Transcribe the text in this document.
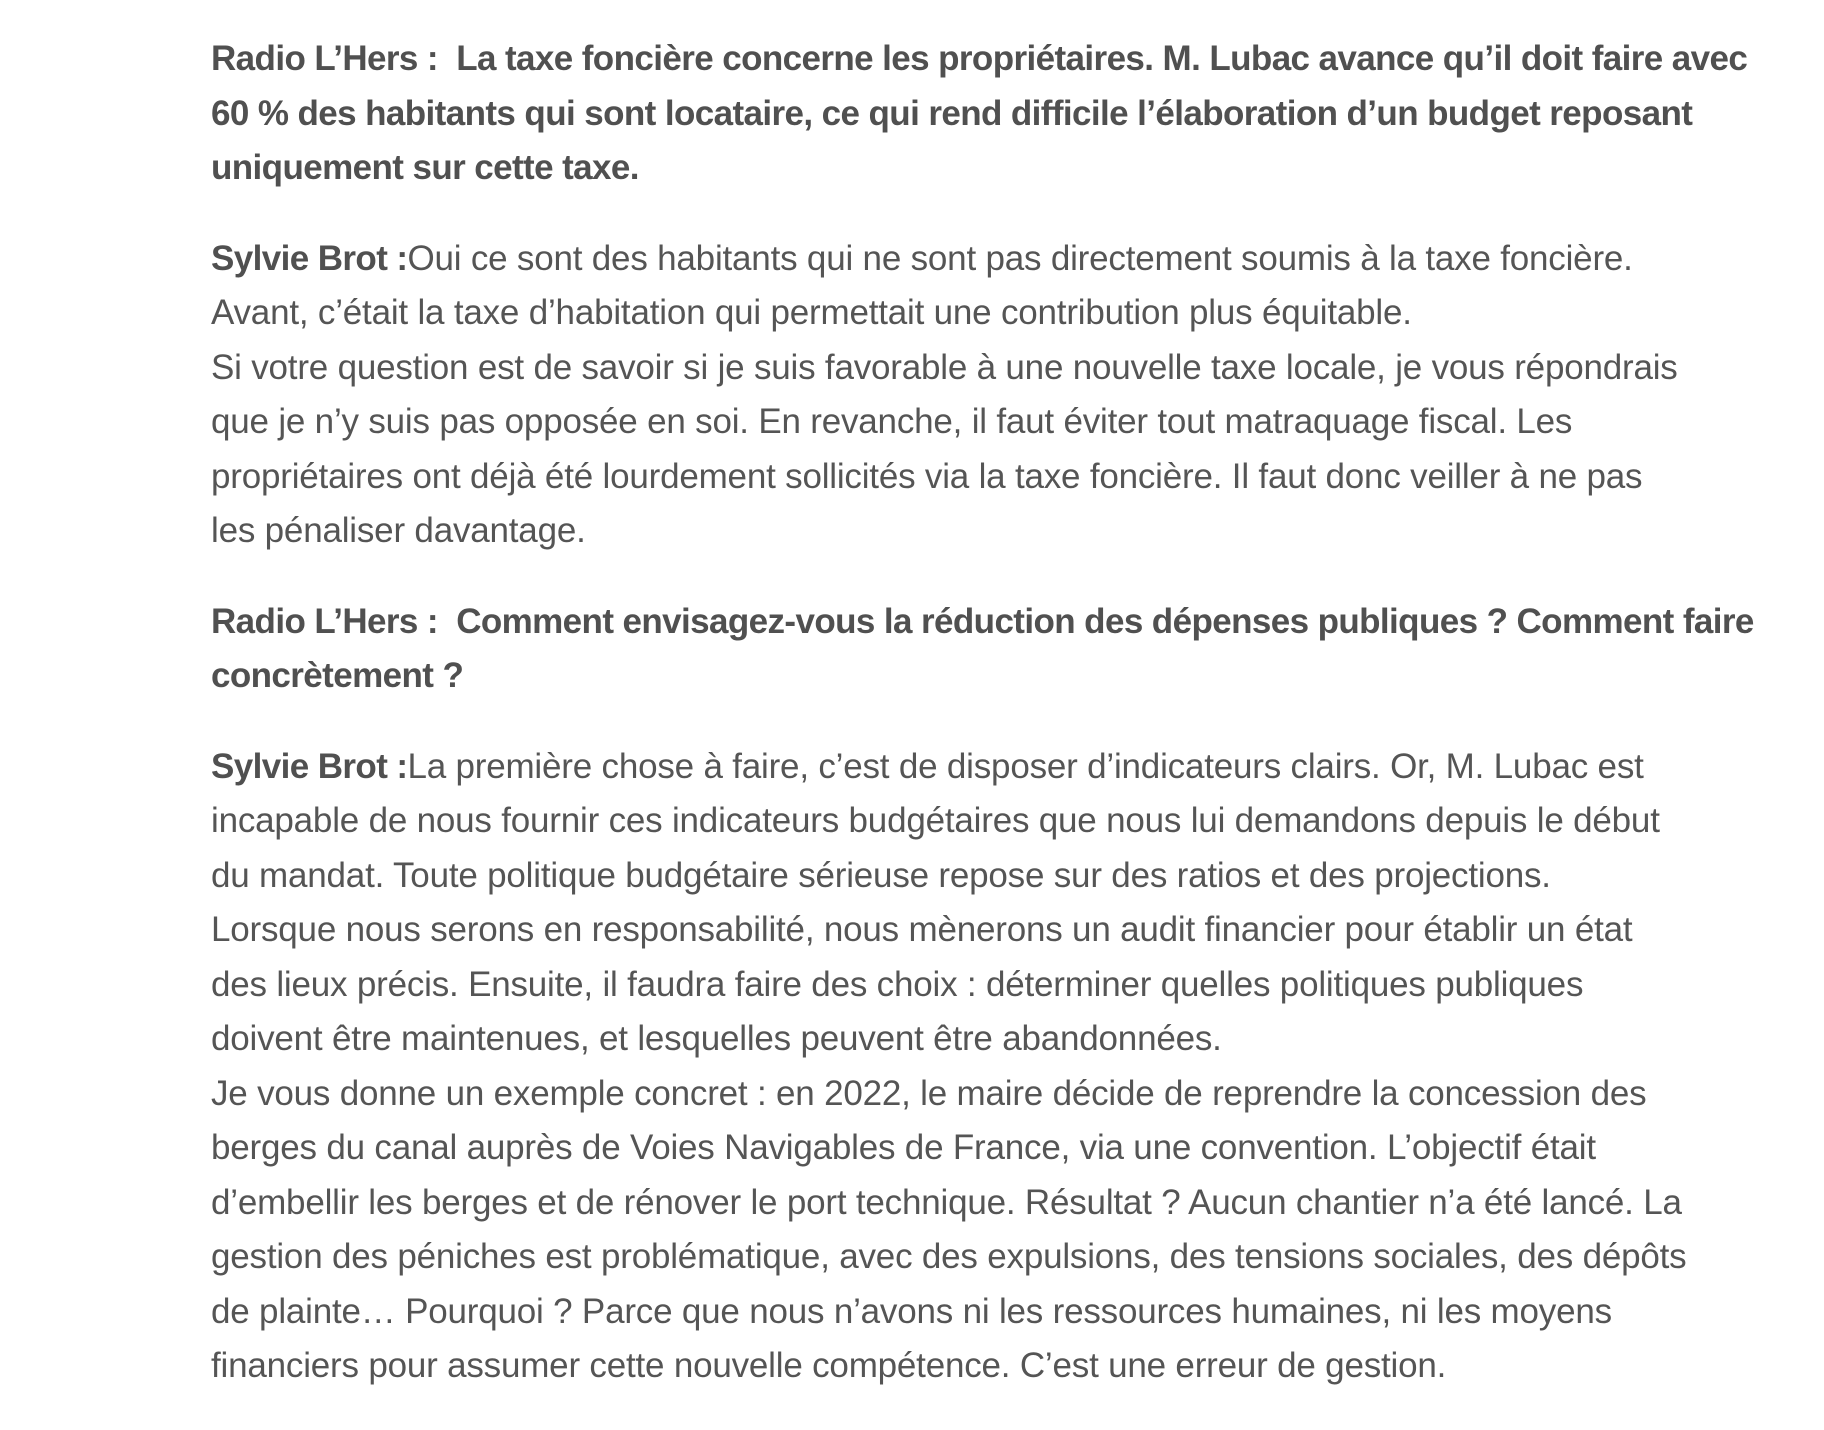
Radio L’Hers : La taxe foncière concerne les propriétaires. M. Lubac avance qu’il doit faire avec
60 % des habitants qui sont locataire, ce qui rend difficile l’élaboration d’un budget reposant
uniquement sur cette taxe.
Sylvie Brot :Oui ce sont des habitants qui ne sont pas directement soumis à la taxe foncière.
Avant, c’était la taxe d’habitation qui permettait une contribution plus équitable.
Si votre question est de savoir si je suis favorable à une nouvelle taxe locale, je vous répondrais
que je n’y suis pas opposée en soi. En revanche, il faut éviter tout matraquage fiscal. Les
propriétaires ont déjà été lourdement sollicités via la taxe foncière. Il faut donc veiller à ne pas
les pénaliser davantage.
Radio L’Hers : Comment envisagez-vous la réduction des dépenses publiques ? Comment faire
concrètement ?
Sylvie Brot :La première chose à faire, c’est de disposer d’indicateurs clairs. Or, M. Lubac est
incapable de nous fournir ces indicateurs budgétaires que nous lui demandons depuis le début
du mandat. Toute politique budgétaire sérieuse repose sur des ratios et des projections.
Lorsque nous serons en responsabilité, nous mènerons un audit financier pour établir un état
des lieux précis. Ensuite, il faudra faire des choix : déterminer quelles politiques publiques
doivent être maintenues, et lesquelles peuvent être abandonnées.
Je vous donne un exemple concret : en 2022, le maire décide de reprendre la concession des
berges du canal auprès de Voies Navigables de France, via une convention. L’objectif était
d’embellir les berges et de rénover le port technique. Résultat ? Aucun chantier n’a été lancé. La
gestion des péniches est problématique, avec des expulsions, des tensions sociales, des dépôts
de plainte… Pourquoi ? Parce que nous n’avons ni les ressources humaines, ni les moyens
financiers pour assumer cette nouvelle compétence. C’est une erreur de gestion.
